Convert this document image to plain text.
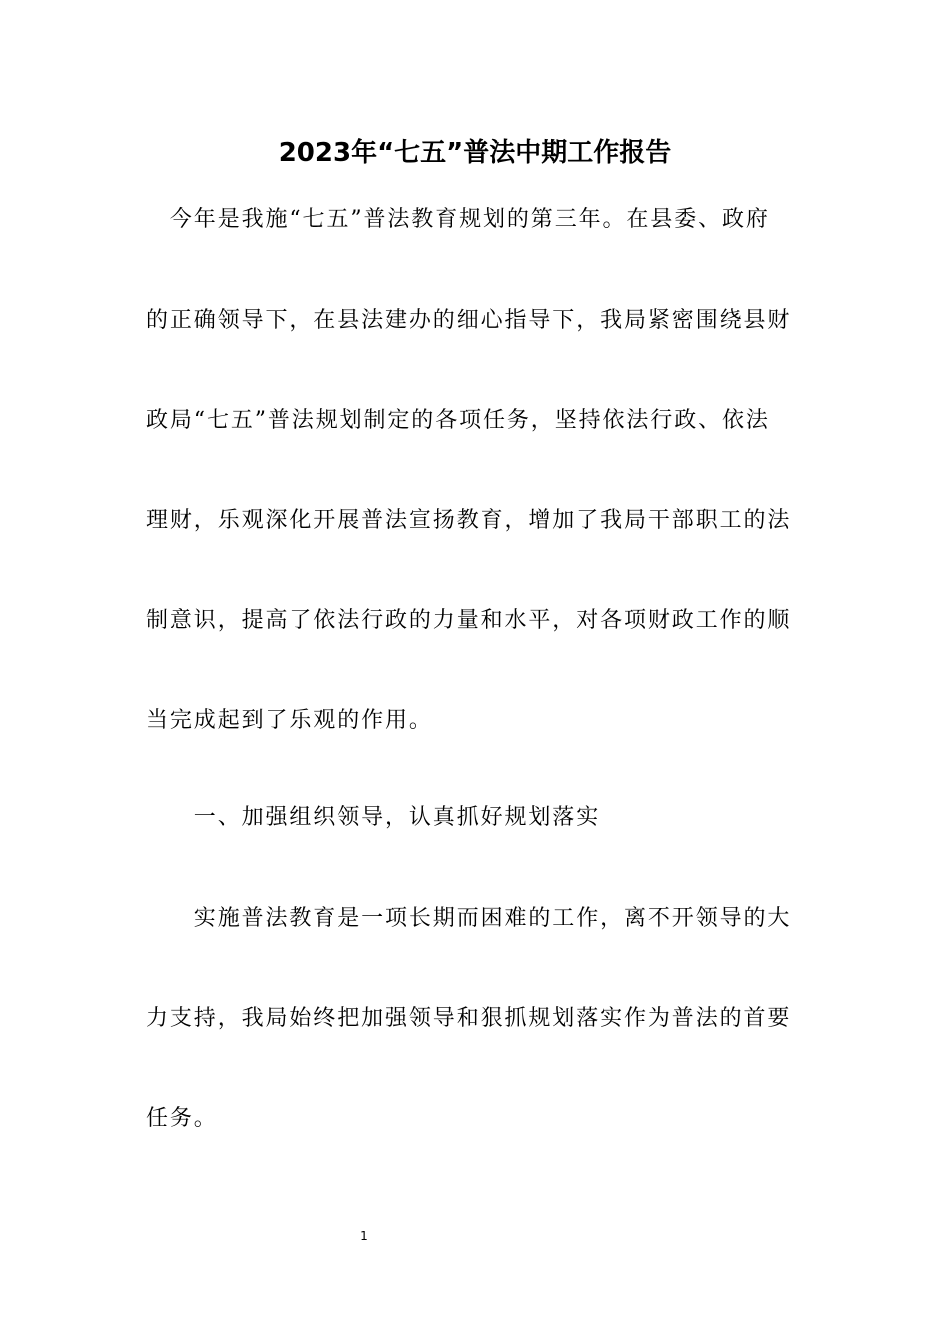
2023年“七五”普法中期工作报告
　今年是我施“七五”普法教育规划的第三年。在县委、政府
的正确领导下，在县法建办的细心指导下，我局紧密围绕县财
政局“七五”普法规划制定的各项任务，坚持依法行政、依法
理财，乐观深化开展普法宣扬教育，增加了我局干部职工的法
制意识，提高了依法行政的力量和水平，对各项财政工作的顺
当完成起到了乐观的作用。
　　一、加强组织领导，认真抓好规划落实
　　实施普法教育是一项长期而困难的工作，离不开领导的大
力支持，我局始终把加强领导和狠抓规划落实作为普法的首要
任务。
1
